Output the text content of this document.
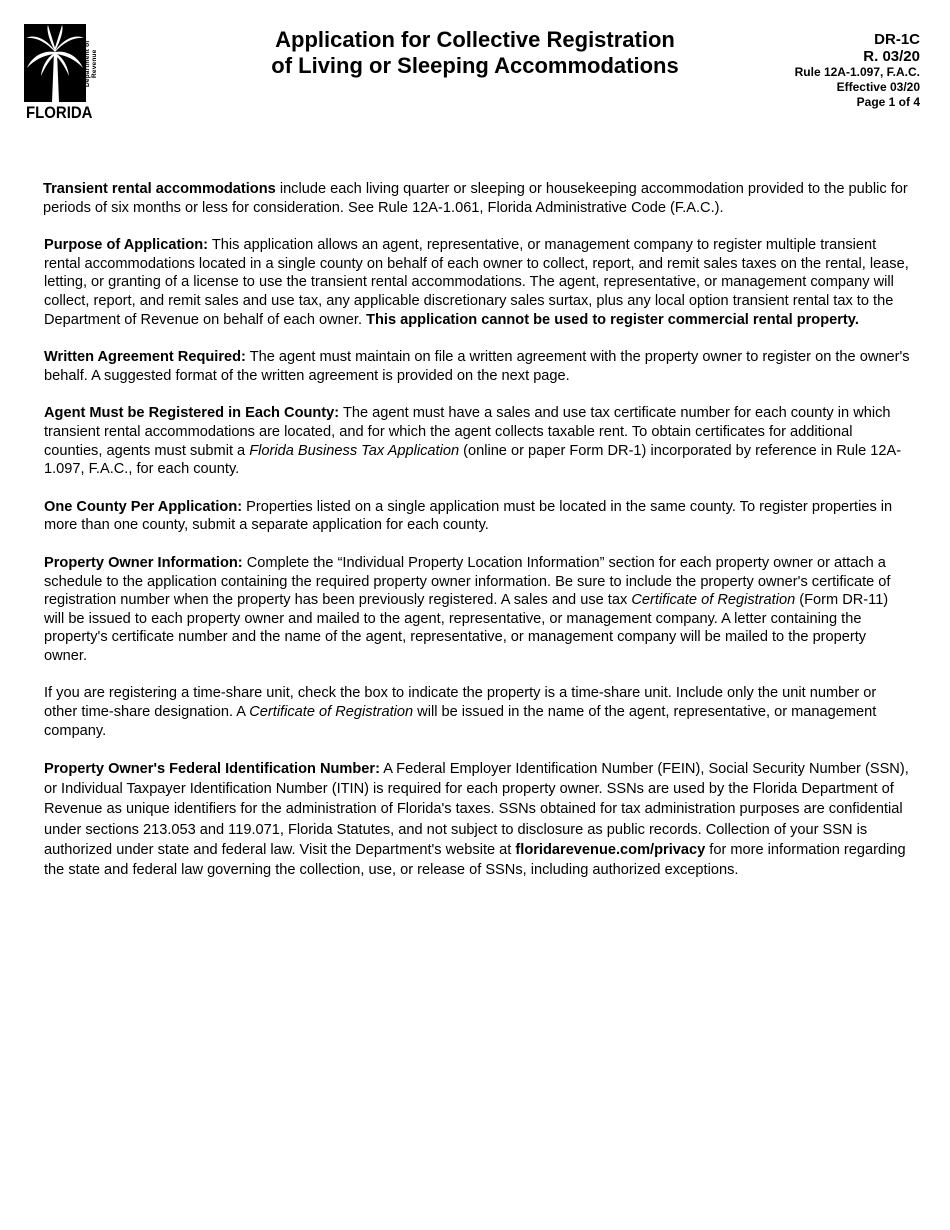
Department of Revenue
FLORIDA
Application for Collective Registration
of Living or Sleeping Accommodations
DR-1C
R. 03/20
Rule 12A-1.097, F.A.C.
Effective 03/20
Page 1 of 4

Transient rental accommodations include each living quarter or sleeping or housekeeping accommodation provided to the public for periods of six months or less for consideration. See Rule 12A-1.061, Florida Administrative Code (F.A.C.).

Purpose of Application: This application allows an agent, representative, or management company to register multiple transient rental accommodations located in a single county on behalf of each owner to collect, report, and remit sales taxes on the rental, lease, letting, or granting of a license to use the transient rental accommodations. The agent, representative, or management company will collect, report, and remit sales and use tax, any applicable discretionary sales surtax, plus any local option transient rental tax to the Department of Revenue on behalf of each owner. This application cannot be used to register commercial rental property.

Written Agreement Required: The agent must maintain on file a written agreement with the property owner to register on the owner's behalf. A suggested format of the written agreement is provided on the next page.

Agent Must be Registered in Each County: The agent must have a sales and use tax certificate number for each county in which transient rental accommodations are located, and for which the agent collects taxable rent. To obtain certificates for additional counties, agents must submit a Florida Business Tax Application (online or paper Form DR-1) incorporated by reference in Rule 12A-1.097, F.A.C., for each county.

One County Per Application: Properties listed on a single application must be located in the same county. To register properties in more than one county, submit a separate application for each county.

Property Owner Information: Complete the “Individual Property Location Information” section for each property owner or attach a schedule to the application containing the required property owner information. Be sure to include the property owner's certificate of registration number when the property has been previously registered. A sales and use tax Certificate of Registration (Form DR-11) will be issued to each property owner and mailed to the agent, representative, or management company. A letter containing the property's certificate number and the name of the agent, representative, or management company will be mailed to the property owner.

If you are registering a time-share unit, check the box to indicate the property is a time-share unit. Include only the unit number or other time-share designation. A Certificate of Registration will be issued in the name of the agent, representative, or management company.

Property Owner's Federal Identification Number: A Federal Employer Identification Number (FEIN), Social Security Number (SSN), or Individual Taxpayer Identification Number (ITIN) is required for each property owner. SSNs are used by the Florida Department of Revenue as unique identifiers for the administration of Florida's taxes. SSNs obtained for tax administration purposes are confidential under sections 213.053 and 119.071, Florida Statutes, and not subject to disclosure as public records. Collection of your SSN is authorized under state and federal law. Visit the Department's website at floridarevenue.com/privacy for more information regarding the state and federal law governing the collection, use, or release of SSNs, including authorized exceptions.
